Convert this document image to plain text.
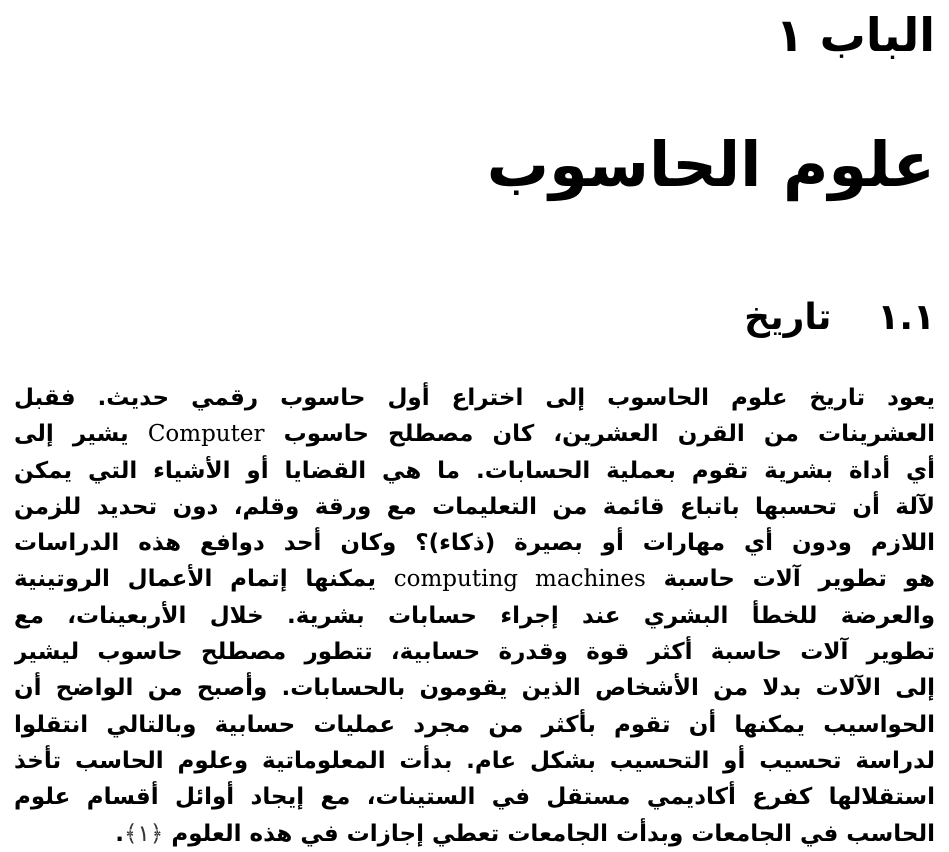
الباب ١
علوم الحاسوب
١.١
تاريخ
يعود تاريخ علوم الحاسوب إلى اختراع أول حاسوب رقمي حديث. فقبل
العشرينات من القرن العشرين، كان مصطلح حاسوب Computer يشير إلى
أي أداة بشرية تقوم بعملية الحسابات. ما هي القضايا أو الأشياء التي يمكن
لآلة أن تحسبها باتباع قائمة من التعليمات مع ورقة وقلم، دون تحديد للزمن
اللازم ودون أي مهارات أو بصيرة (ذكاء)؟ وكان أحد دوافع هذه الدراسات
هو تطوير آلات حاسبة computing machines يمكنها إتمام الأعمال الروتينية
والعرضة للخطأ البشري عند إجراء حسابات بشرية. خلال الأربعينات، مع
تطوير آلات حاسبة أكثر قوة وقدرة حسابية، تتطور مصطلح حاسوب ليشير
إلى الآلات بدلا من الأشخاص الذين يقومون بالحسابات. وأصبح من الواضح أن
الحواسيب يمكنها أن تقوم بأكثر من مجرد عمليات حسابية وبالتالي انتقلوا
لدراسة تحسيب أو التحسيب بشكل عام. بدأت المعلوماتية وعلوم الحاسب تأخذ
استقلالها كفرع أكاديمي مستقل في الستينات، مع إيجاد أوائل أقسام علوم
الحاسب في الجامعات وبدأت الجامعات تعطي إجازات في هذه العلوم ﴿١﴾.
